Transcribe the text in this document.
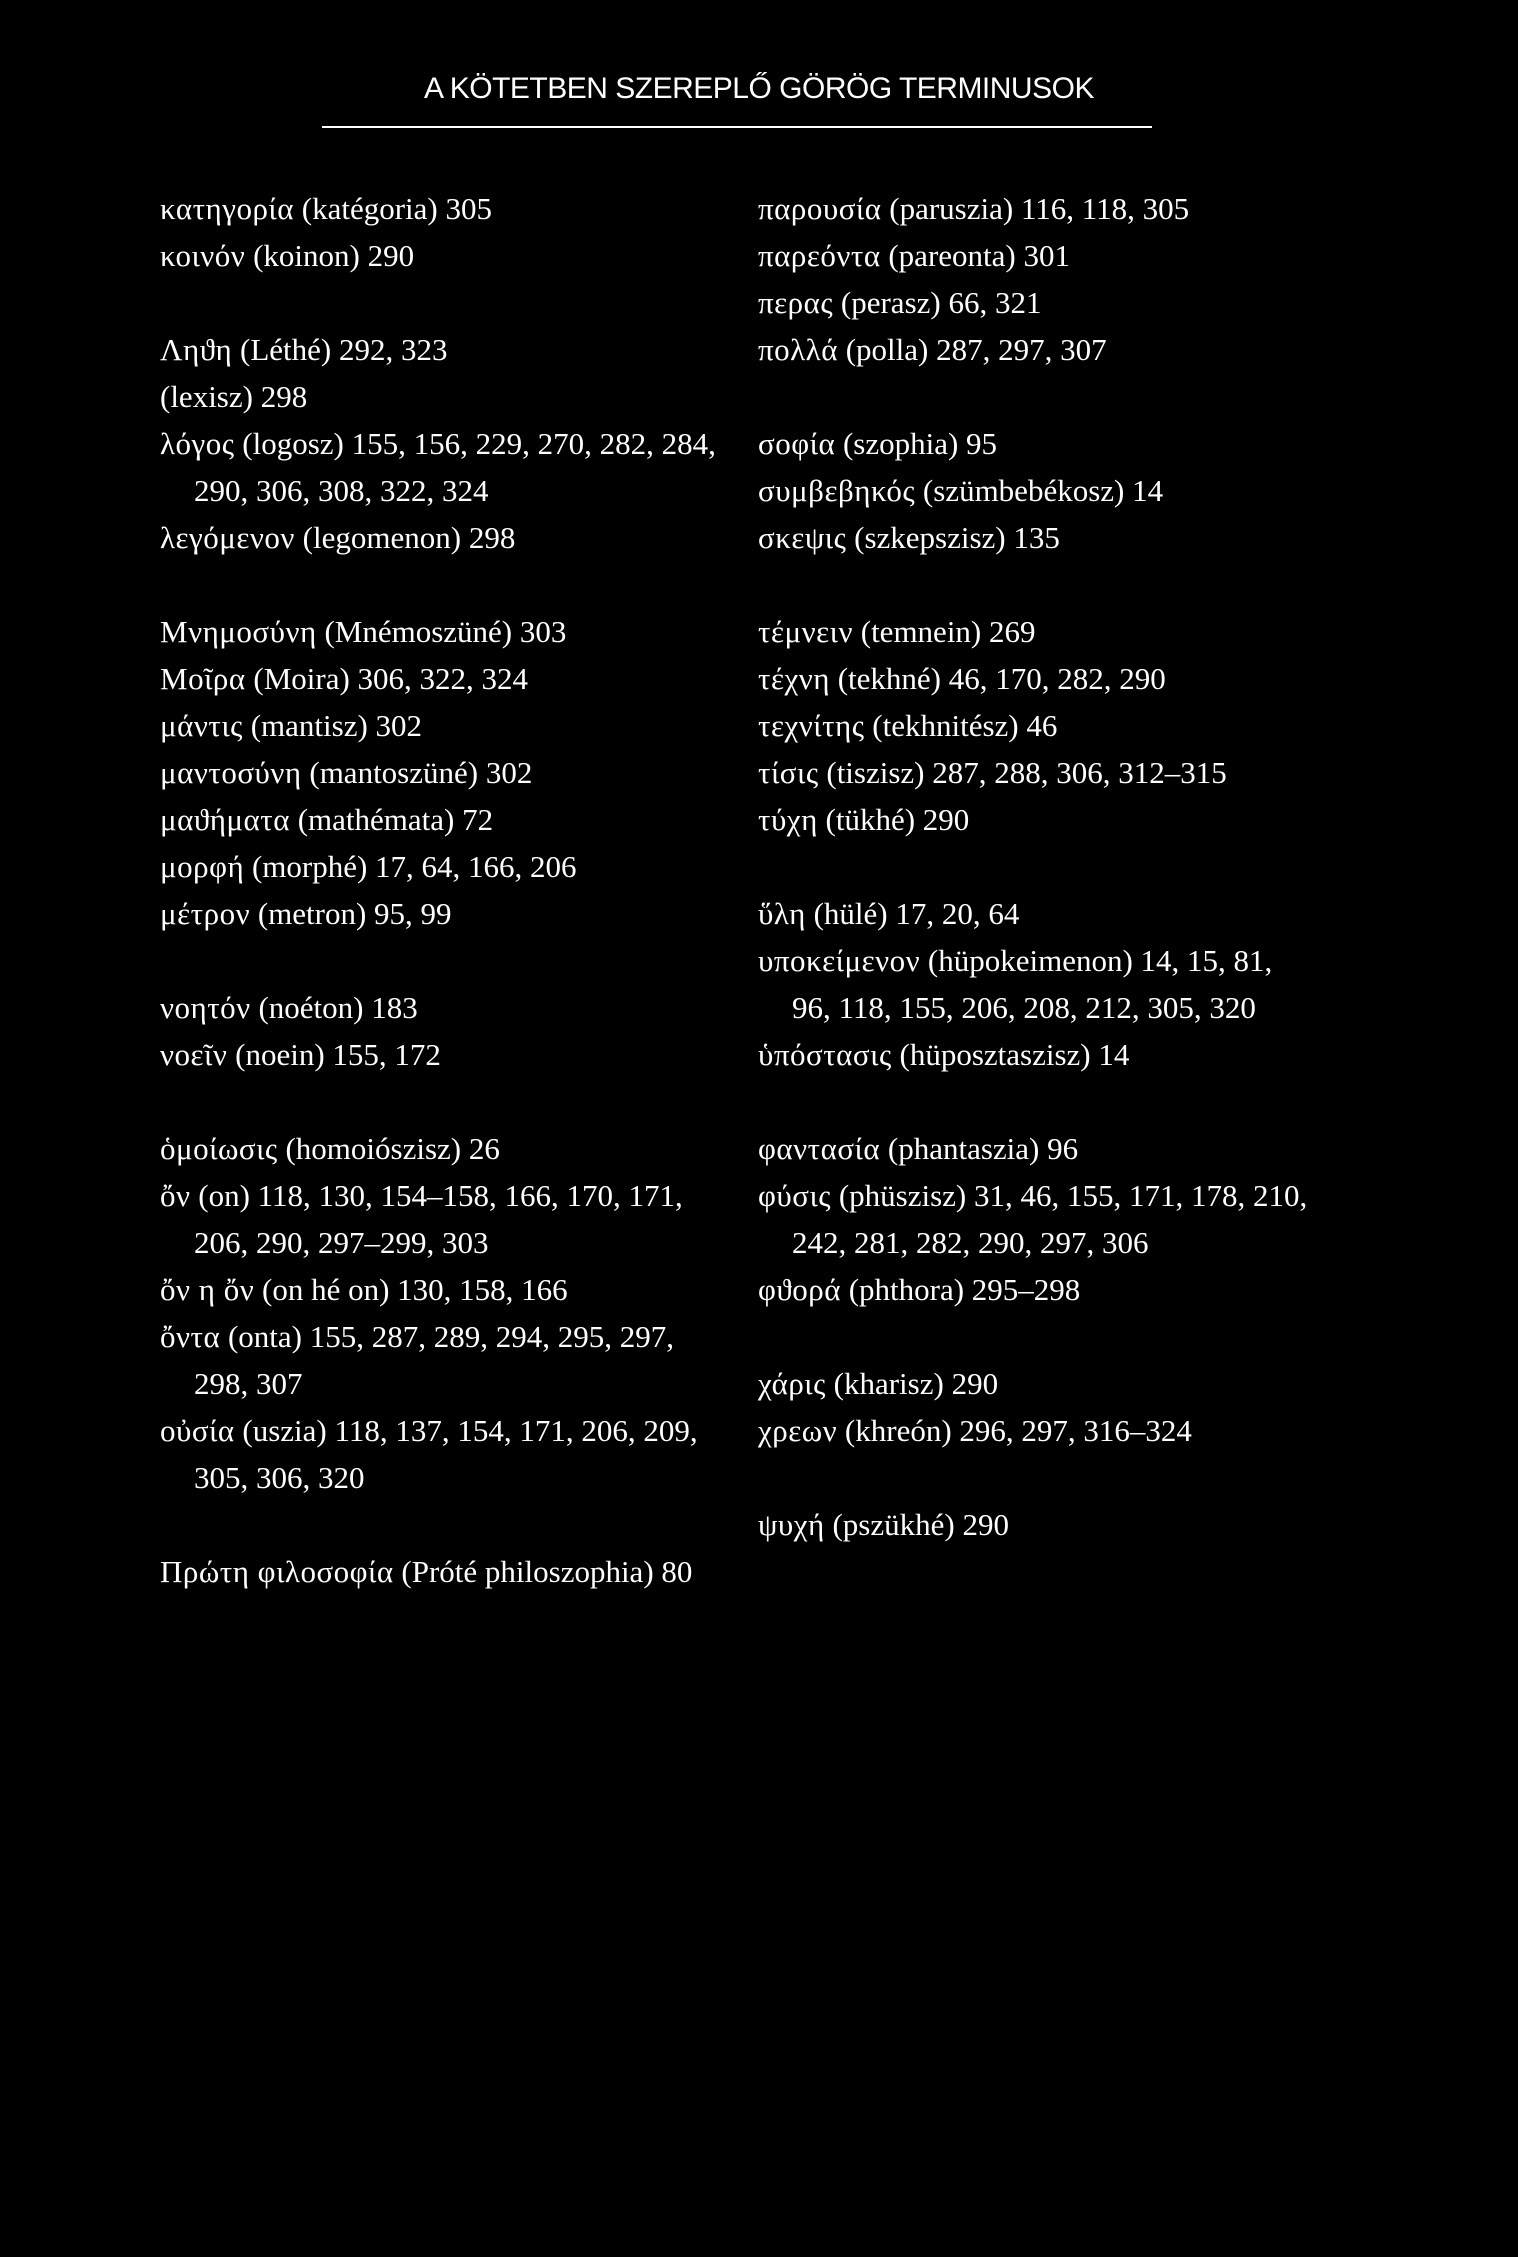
A KÖTETBEN SZEREPLŐ GÖRÖG TERMINUSOK
κατηγορία (katégoria) 305
κοινόν (koinon) 290
Ληϑη (Léthé) 292, 323
(lexisz) 298
λόγος (logosz) 155, 156, 229, 270, 282, 284, 290, 306, 308, 322, 324
λεγόμενον (legomenon) 298
Μνημοσύνη (Mnémoszüné) 303
Μοῖρα (Moira) 306, 322, 324
μάντις (mantisz) 302
μαντοσύνη (mantoszüné) 302
μαϑήματα (mathémata) 72
μορφή (morphé) 17, 64, 166, 206
μέτρον (metron) 95, 99
νοητόν (noéton) 183
νοεῖν (noein) 155, 172
ὁμοίωσις (homoiószisz) 26
ὄν (on) 118, 130, 154–158, 166, 170, 171, 206, 290, 297–299, 303
ὄν η ὄν (on hé on) 130, 158, 166
ὄντα (onta) 155, 287, 289, 294, 295, 297, 298, 307
οὐσία (uszia) 118, 137, 154, 171, 206, 209, 305, 306, 320
Πρώτη φιλοσοφία (Próté philoszophia) 80
παρουσία (paruszia) 116, 118, 305
παρεόντα (pareonta) 301
περας (perasz) 66, 321
πολλά (polla) 287, 297, 307
σοφία (szophia) 95
συμβεβηκός (szümbebékosz) 14
σκεψις (szkepszisz) 135
τέμνειν (temnein) 269
τέχνη (tekhné) 46, 170, 282, 290
τεχνίτης (tekhnitész) 46
τίσις (tiszisz) 287, 288, 306, 312–315
τύχη (tükhé) 290
ὕλη (hülé) 17, 20, 64
υποκείμενον (hüpokeimenon) 14, 15, 81, 96, 118, 155, 206, 208, 212, 305, 320
ὑπόστασις (hüposztaszisz) 14
φαντασία (phantaszia) 96
φύσις (phüszisz) 31, 46, 155, 171, 178, 210, 242, 281, 282, 290, 297, 306
φϑορά (phthora) 295–298
χάρις (kharisz) 290
χρεων (khreón) 296, 297, 316–324
ψυχή (pszükhé) 290
